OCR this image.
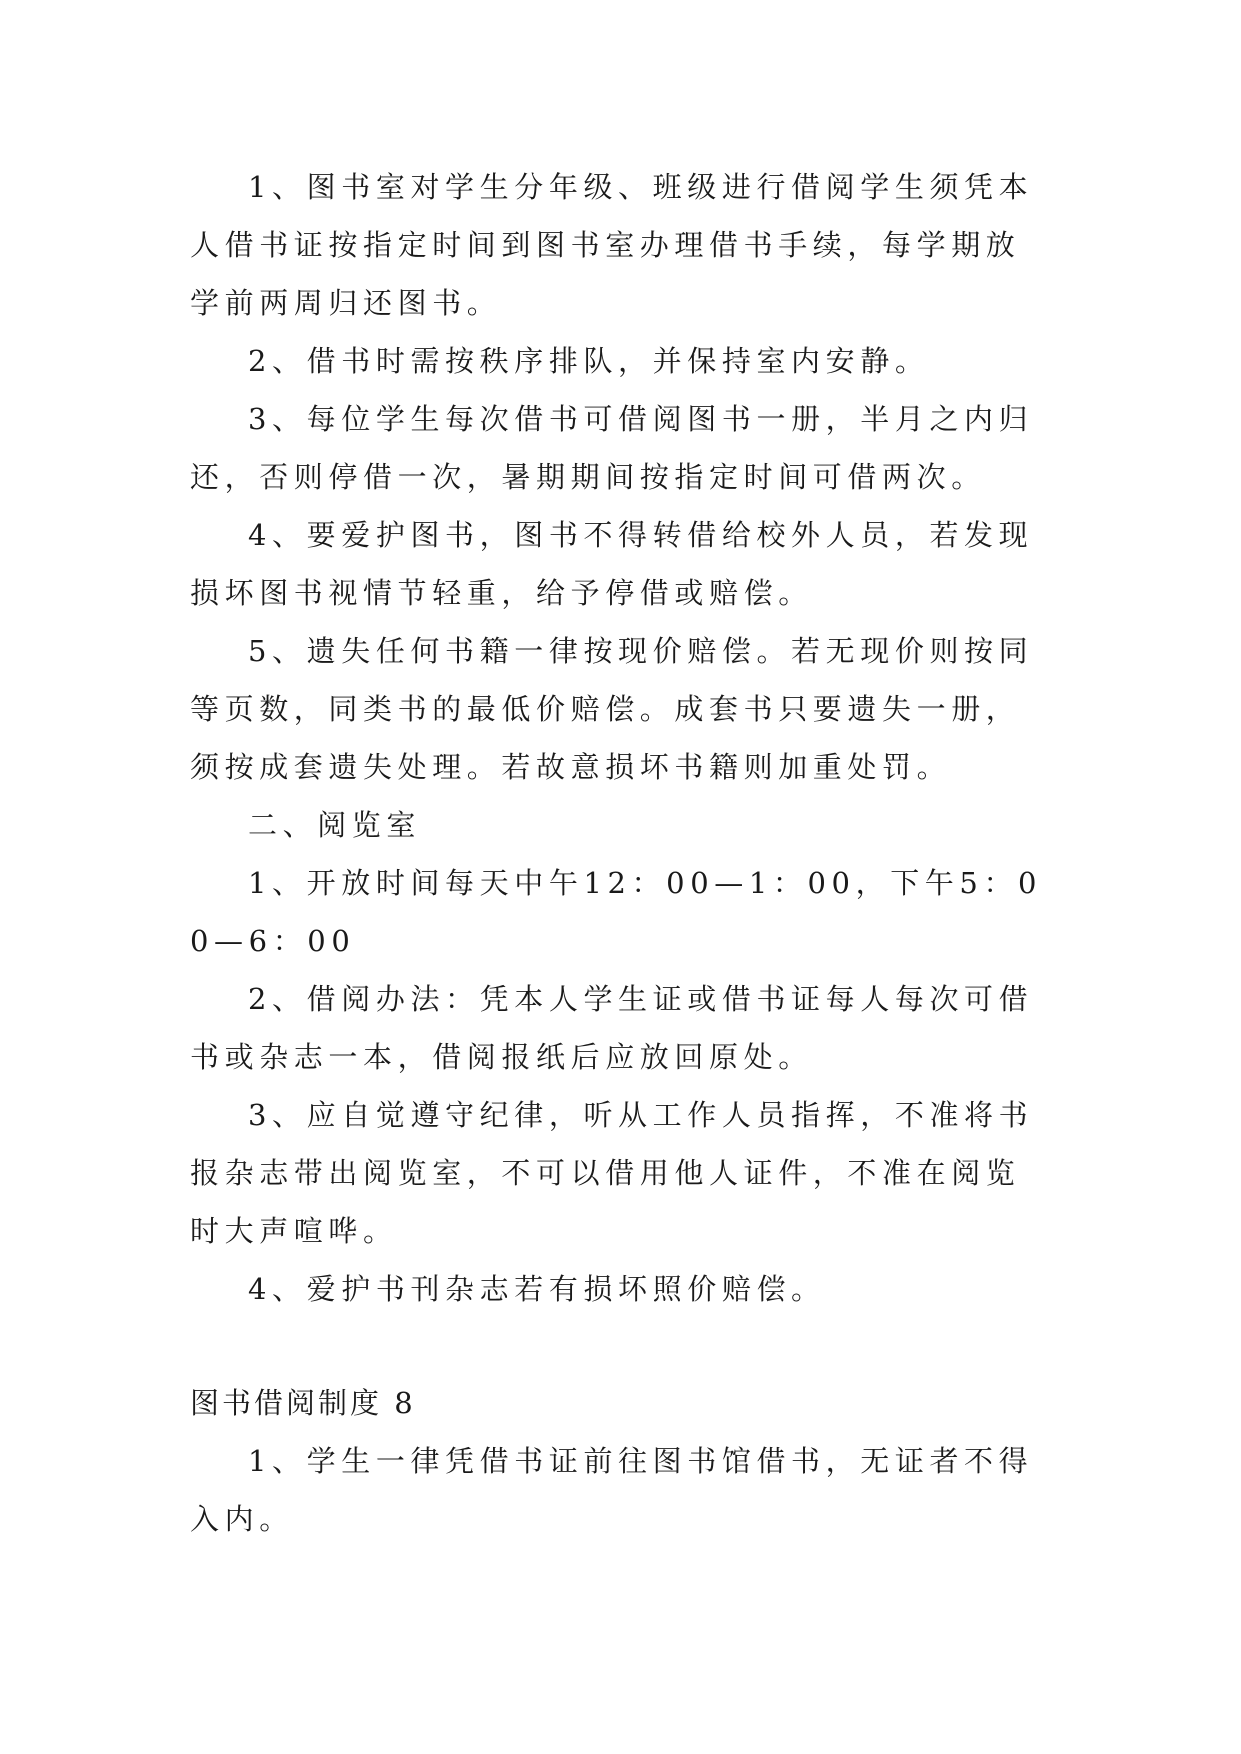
1、图书室对学生分年级、班级进行借阅学生须凭本人借书证按指定时间到图书室办理借书手续，每学期放学前两周归还图书。

2、借书时需按秩序排队，并保持室内安静。

3、每位学生每次借书可借阅图书一册，半月之内归还，否则停借一次，暑期期间按指定时间可借两次。

4、要爱护图书，图书不得转借给校外人员，若发现损坏图书视情节轻重，给予停借或赔偿。

5、遗失任何书籍一律按现价赔偿。若无现价则按同等页数，同类书的最低价赔偿。成套书只要遗失一册，须按成套遗失处理。若故意损坏书籍则加重处罚。

二、阅览室

1、开放时间每天中午12：00—1：00，下午5：00—6：00

2、借阅办法：凭本人学生证或借书证每人每次可借书或杂志一本，借阅报纸后应放回原处。

3、应自觉遵守纪律，听从工作人员指挥，不准将书报杂志带出阅览室，不可以借用他人证件，不准在阅览时大声喧哗。

4、爱护书刊杂志若有损坏照价赔偿。

图书借阅制度 8

1、学生一律凭借书证前往图书馆借书，无证者不得入内。
